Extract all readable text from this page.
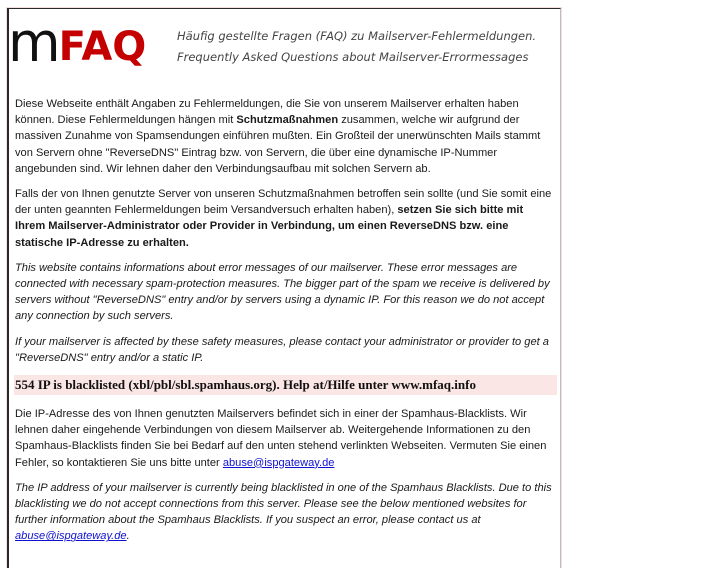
mFAQ	Häufig gestellte Fragen (FAQ) zu Mailserver-Fehlermeldungen.
Frequently Asked Questions about Mailserver-Errormessages

Diese Webseite enthält Angaben zu Fehlermeldungen, die Sie von unserem Mailserver erhalten haben können. Diese Fehlermeldungen hängen mit Schutzmaßnahmen zusammen, welche wir aufgrund der massiven Zunahme von Spamsendungen einführen mußten. Ein Großteil der unerwünschten Mails stammt von Servern ohne "ReverseDNS" Eintrag bzw. von Servern, die über eine dynamische IP-Nummer angebunden sind. Wir lehnen daher den Verbindungsaufbau mit solchen Servern ab.

Falls der von Ihnen genutzte Server von unseren Schutzmaßnahmen betroffen sein sollte (und Sie somit eine der unten geannten Fehlermeldungen beim Versandversuch erhalten haben), setzen Sie sich bitte mit Ihrem Mailserver-Administrator oder Provider in Verbindung, um einen ReverseDNS bzw. eine statische IP-Adresse zu erhalten.

This website contains informations about error messages of our mailserver. These error messages are connected with necessary spam-protection measures. The bigger part of the spam we receive is delivered by servers without "ReverseDNS" entry and/or by servers using a dynamic IP. For this reason we do not accept any connection by such servers.

If your mailserver is affected by these safety measures, please contact your administrator or provider to get a "ReverseDNS" entry and/or a static IP.

554 IP is blacklisted (xbl/pbl/sbl.spamhaus.org). Help at/Hilfe unter www.mfaq.info

Die IP-Adresse des von Ihnen genutzten Mailservers befindet sich in einer der Spamhaus-Blacklists. Wir lehnen daher eingehende Verbindungen von diesem Mailserver ab. Weitergehende Informationen zu den Spamhaus-Blacklists finden Sie bei Bedarf auf den unten stehend verlinkten Webseiten. Vermuten Sie einen Fehler, so kontaktieren Sie uns bitte unter abuse@ispgateway.de

The IP address of your mailserver is currently being blacklisted in one of the Spamhaus Blacklists. Due to this blacklisting we do not accept connections from this server. Please see the below mentioned websites for further information about the Spamhaus Blacklists. If you suspect an error, please contact us at abuse@ispgateway.de.
